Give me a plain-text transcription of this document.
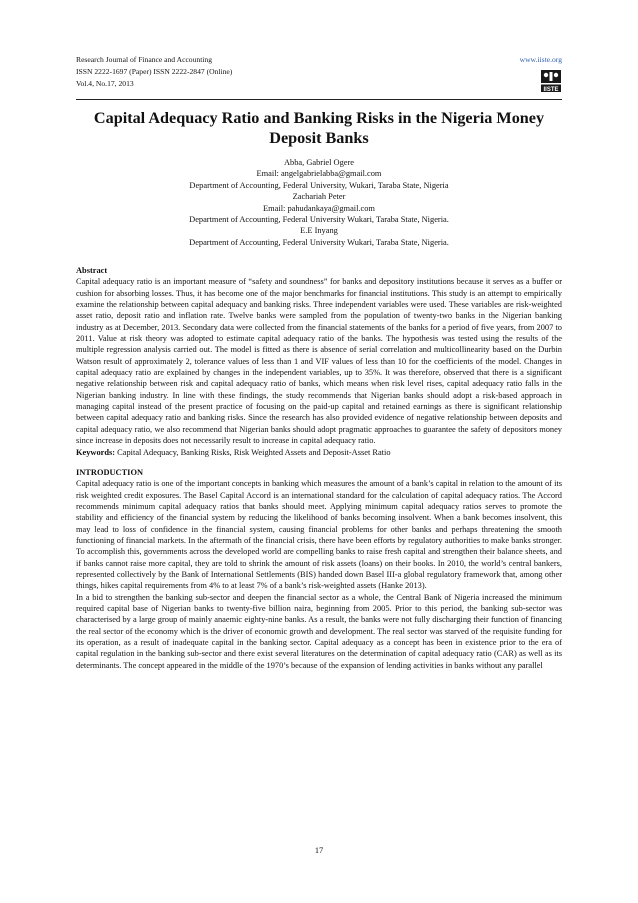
Research Journal of Finance and Accounting
ISSN 2222-1697 (Paper) ISSN 2222-2847 (Online)
Vol.4, No.17, 2013
www.iiste.org
IISTE
Capital Adequacy Ratio and Banking Risks in the Nigeria Money Deposit Banks
Abba, Gabriel Ogere
Email: angelgabrielabba@gmail.com
Department of Accounting, Federal University, Wukari, Taraba State, Nigeria
Zachariah Peter
Email: pahudankaya@gmail.com
Department of Accounting, Federal University Wukari, Taraba State, Nigeria.
E.E Inyang
Department of Accounting, Federal University Wukari, Taraba State, Nigeria.

Abstract

Capital adequacy ratio is an important measure of “safety and soundness” for banks and depository institutions because it serves as a buffer or cushion for absorbing losses. Thus, it has become one of the major benchmarks for financial institutions. This study is an attempt to empirically examine the relationship between capital adequacy and banking risks. Three independent variables were used. These variables are risk-weighted asset ratio, deposit ratio and inflation rate. Twelve banks were sampled from the population of twenty-two banks in the Nigerian banking industry as at December, 2013. Secondary data were collected from the financial statements of the banks for a period of five years, from 2007 to 2011. Value at risk theory was adopted to estimate capital adequacy ratio of the banks. The hypothesis was tested using the results of the multiple regression analysis carried out. The model is fitted as there is absence of serial correlation and multicollinearity based on the Durbin Watson result of approximately 2, tolerance values of less than 1 and VIF values of less than 10 for the coefficients of the model. Changes in capital adequacy ratio are explained by changes in the independent variables, up to 35%. It was therefore, observed that there is a significant negative relationship between risk and capital adequacy ratio of banks, which means when risk level rises, capital adequacy ratio falls in the Nigerian banking industry. In line with these findings, the study recommends that Nigerian banks should adopt a risk-based approach in managing capital instead of the present practice of focusing on the paid-up capital and retained earnings as there is significant relationship between capital adequacy ratio and banking risks. Since the research has also provided evidence of negative relationship between deposits and capital adequacy ratio, we also recommend that Nigerian banks should adopt pragmatic approaches to guarantee the safety of depositors money since increase in deposits does not necessarily result to increase in capital adequacy ratio.

Keywords: Capital Adequacy, Banking Risks, Risk Weighted Assets and Deposit-Asset Ratio

INTRODUCTION

Capital adequacy ratio is one of the important concepts in banking which measures the amount of a bank’s capital in relation to the amount of its risk weighted credit exposures. The Basel Capital Accord is an international standard for the calculation of capital adequacy ratios. The Accord recommends minimum capital adequacy ratios that banks should meet. Applying minimum capital adequacy ratios serves to promote the stability and efficiency of the financial system by reducing the likelihood of banks becoming insolvent. When a bank becomes insolvent, this may lead to loss of confidence in the financial system, causing financial problems for other banks and perhaps threatening the smooth functioning of financial markets. In the aftermath of the financial crisis, there have been efforts by regulatory authorities to make banks stronger. To accomplish this, governments across the developed world are compelling banks to raise fresh capital and strengthen their balance sheets, and if banks cannot raise more capital, they are told to shrink the amount of risk assets (loans) on their books. In 2010, the world’s central bankers, represented collectively by the Bank of International Settlements (BIS) handed down Basel III-a global regulatory framework that, among other things, hikes capital requirements from 4% to at least 7% of a bank’s risk-weighted assets (Hanke 2013).

In a bid to strengthen the banking sub-sector and deepen the financial sector as a whole, the Central Bank of Nigeria increased the minimum required capital base of Nigerian banks to twenty-five billion naira, beginning from 2005. Prior to this period, the banking sub-sector was characterised by a large group of mainly anaemic eighty-nine banks. As a result, the banks were not fully discharging their function of financing the real sector of the economy which is the driver of economic growth and development. The real sector was starved of the requisite funding for its operation, as a result of inadequate capital in the banking sector. Capital adequacy as a concept has been in existence prior to the era of capital regulation in the banking sub-sector and there exist several literatures on the determination of capital adequacy ratio (CAR) as well as its determinants. The concept appeared in the middle of the 1970’s because of the expansion of lending activities in banks without any parallel

17
